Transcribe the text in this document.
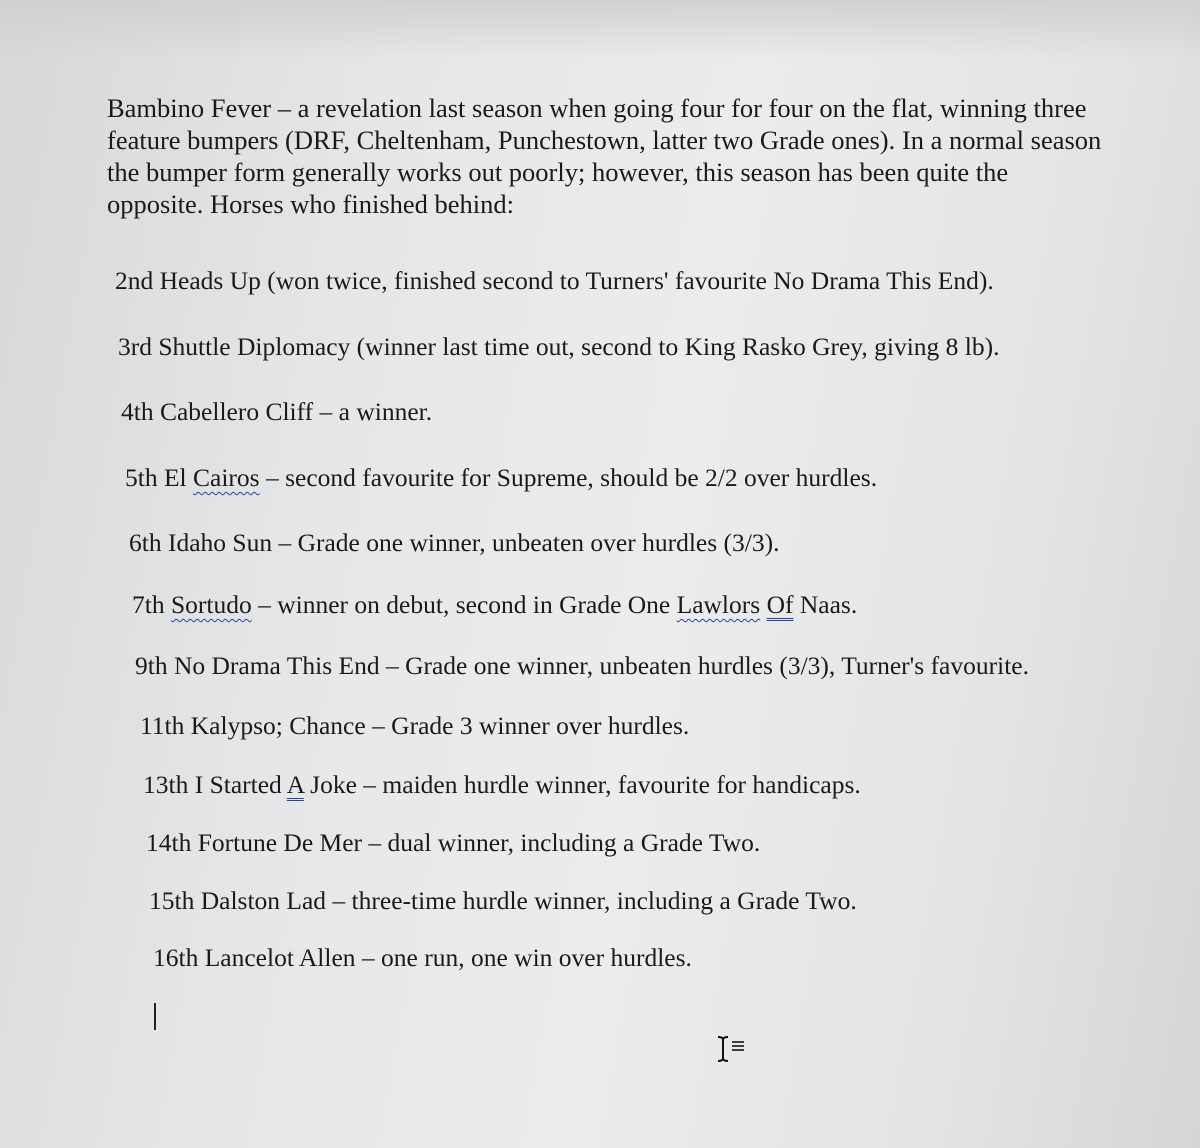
Bambino Fever – a revelation last season when going four for four on the flat, winning three
feature bumpers (DRF, Cheltenham, Punchestown, latter two Grade ones). In a normal season
the bumper form generally works out poorly; however, this season has been quite the
opposite. Horses who finished behind:
2nd Heads Up (won twice, finished second to Turners' favourite No Drama This End).
3rd Shuttle Diplomacy (winner last time out, second to King Rasko Grey, giving 8 lb).
4th Cabellero Cliff – a winner.
5th El Cairos – second favourite for Supreme, should be 2/2 over hurdles.
6th Idaho Sun – Grade one winner, unbeaten over hurdles (3/3).
7th Sortudo – winner on debut, second in Grade One Lawlors Of Naas.
9th No Drama This End – Grade one winner, unbeaten hurdles (3/3), Turner's favourite.
11th Kalypso; Chance – Grade 3 winner over hurdles.
13th I Started A Joke – maiden hurdle winner, favourite for handicaps.
14th Fortune De Mer – dual winner, including a Grade Two.
15th Dalston Lad – three-time hurdle winner, including a Grade Two.
16th Lancelot Allen – one run, one win over hurdles.
